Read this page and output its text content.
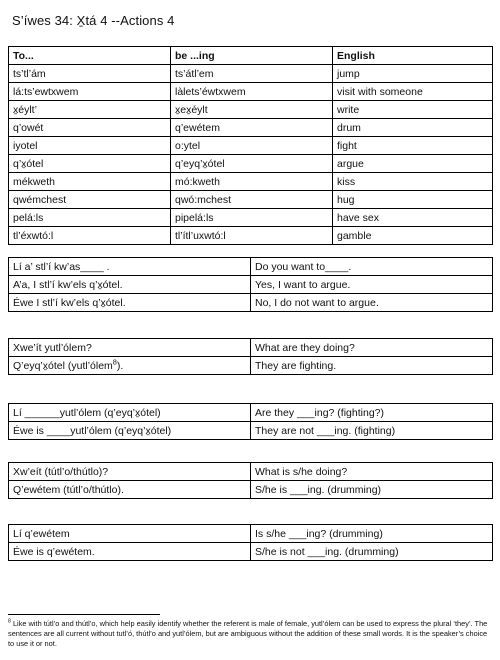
S’íwes 34: X̱tá 4 --Actions 4
To...	be ...ing	English
ts’tl’ám	ts’átl’em	jump
lá:ts’ewtxwem	làlets’éwtxwem	visit with someone
x̱éylt’	x̱ex̱éylt	write
q’owét	q’ewétem	drum
iyotel	o:ytel	fight
q’x̱ótel	q’eyq’x̱ótel	argue
mékweth	mó:kweth	kiss
qwémchest	qwó:mchest	hug
pelá:ls	pipelá:ls	have sex
tl’éxwtó:l	tl’ítl’uxwtó:l	gamble
Lí a’ stl’í kw’as____ .	Do you want to____.
A’a, I stl’í kw’els q’x̱ótel.	Yes, I want to argue.
Éwe I stl’í kw’els q’x̱ótel.	No, I do not want to argue.
Xwe’ít yutl’ólem?	What are they doing?
Q’eyq’x̱ótel (yutl’ólem$^8$).	They are fighting.
Lí ______yutl’ólem (q’eyq’x̱ótel)	Are they ___ing? (fighting?)
Éwe is ____yutl’ólem (q’eyq’x̱ótel)	They are not ___ing. (fighting)
Xw’eít (tútl’o/thútlo)?	What is s/he doing?
Q’ewétem (tútl’o/thútlo).	S/he is ___ing. (drumming)
Lí q’ewétem	Is s/he ___ing? (drumming)
Éwe is q’ewétem.	S/he is not ___ing. (drumming)
$^8$ Like with tútl’o and thútl’o, which help easily identify whether the referent is male of female, yutl’ólem can be used to express the plural ‘they’. The sentences are all current without tutl’ó, thútl’o and yutl’ólem, but are ambiguous without the addition of these small words. It is the speaker’s choice to use it or not.
